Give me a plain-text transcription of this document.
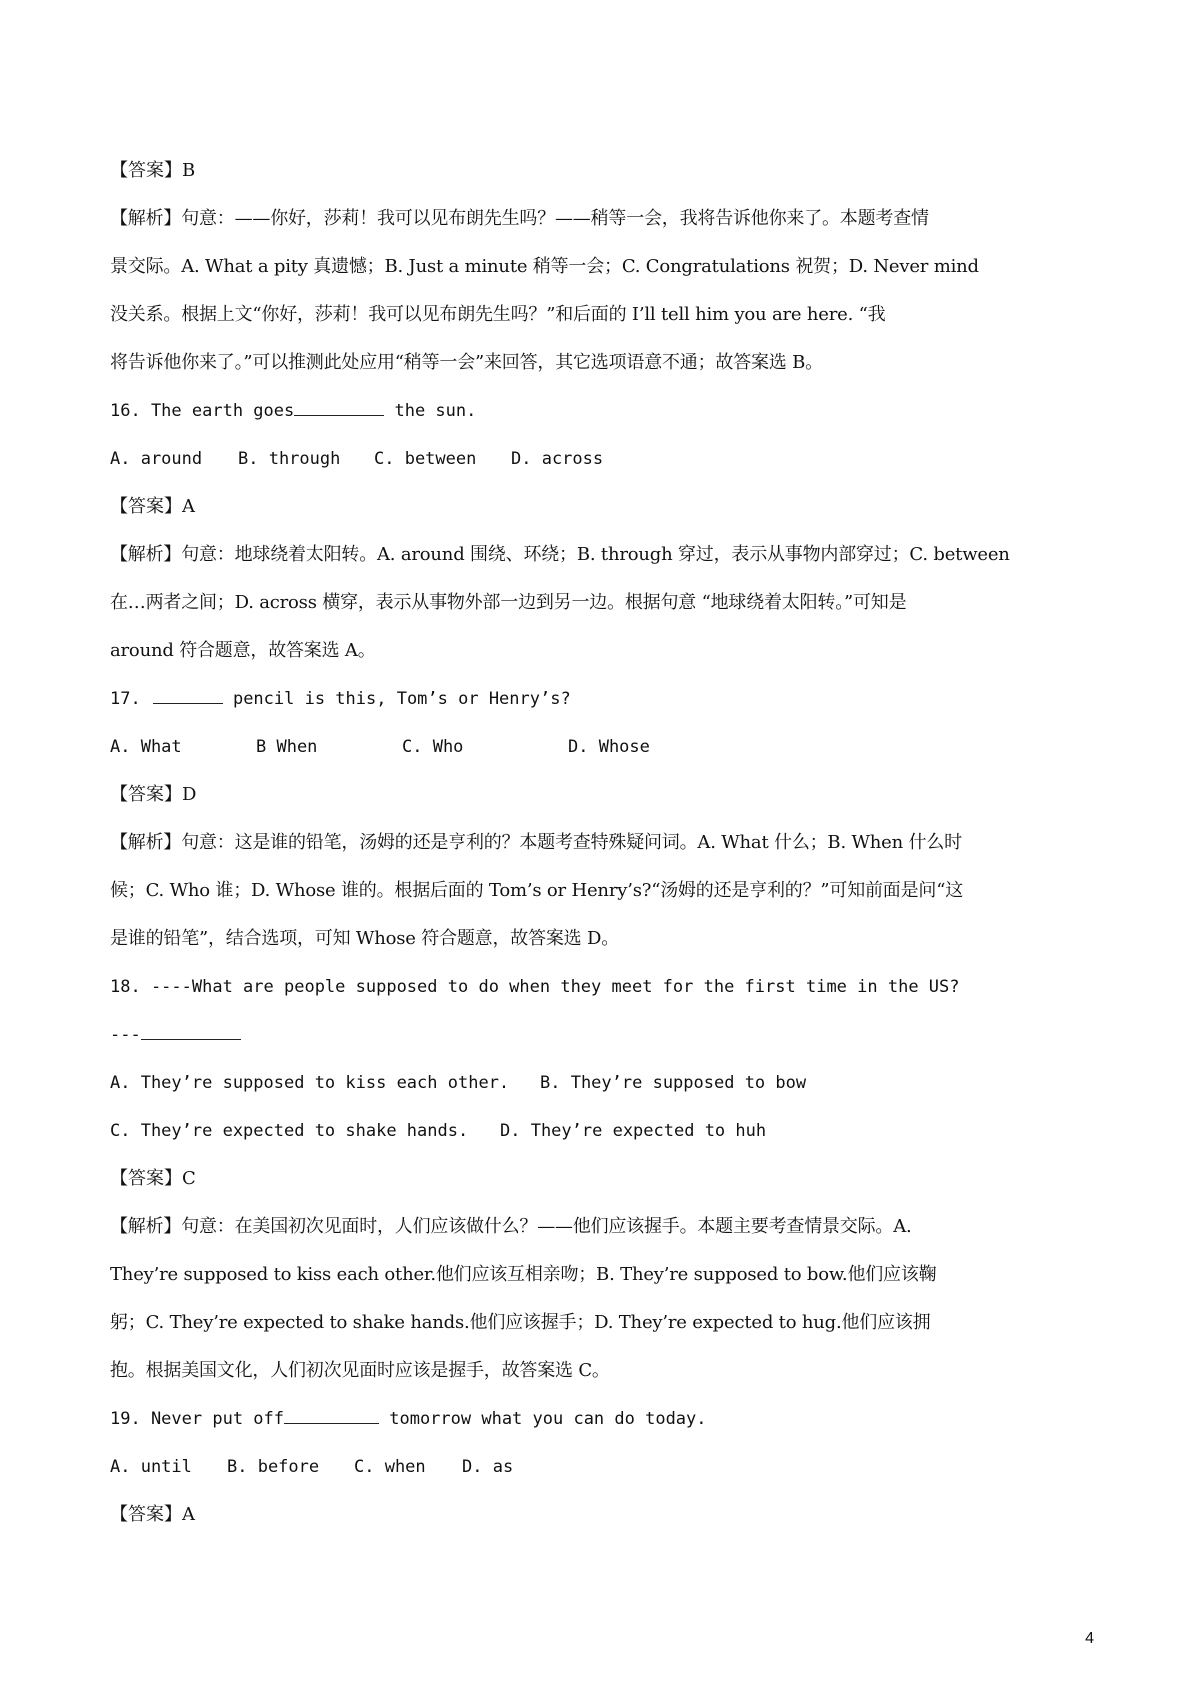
【答案】B
【解析】句意：——你好，莎莉！我可以见布朗先生吗？——稍等一会，我将告诉他你来了。本题考查情
景交际。A. What a pity 真遗憾；B. Just a minute 稍等一会；C. Congratulations 祝贺；D. Never mind
没关系。根据上文“你好，莎莉！我可以见布朗先生吗？”和后面的 I’ll tell him you are here. “我
将告诉他你来了。”可以推测此处应用“稍等一会”来回答，其它选项语意不通；故答案选 B。
16. The earth goes	the sun.
A. around B. through C. between D. across
【答案】A
【解析】句意：地球绕着太阳转。A. around 围绕、环绕；B. through 穿过，表示从事物内部穿过；C. between
在…两者之间；D. across 横穿，表示从事物外部一边到另一边。根据句意 “地球绕着太阳转。”可知是
around 符合题意，故答案选 A。
17.	pencil is this, Tom’s or Henry’s?
A. What	B When	C. Who	D. Whose
【答案】D
【解析】句意：这是谁的铅笔，汤姆的还是亨利的？本题考查特殊疑问词。A. What 什么；B. When 什么时
候；C. Who 谁；D. Whose 谁的。根据后面的 Tom’s or Henry’s?“汤姆的还是亨利的？”可知前面是问“这
是谁的铅笔”，结合选项，可知 Whose 符合题意，故答案选 D。
18. ----What are people supposed to do when they meet for the first time in the US?
---
A. They’re supposed to kiss each other. B. They’re supposed to bow
C. They’re expected to shake hands. D. They’re expected to huh
【答案】C
【解析】句意：在美国初次见面时，人们应该做什么？——他们应该握手。本题主要考查情景交际。A.
They’re supposed to kiss each other.他们应该互相亲吻；B. They’re supposed to bow.他们应该鞠
躬；C. They’re expected to shake hands.他们应该握手；D. They’re expected to hug.他们应该拥
抱。根据美国文化，人们初次见面时应该是握手，故答案选 C。
19. Never put off	tomorrow what you can do today.
A. until B. before C. when D. as
【答案】A
4
